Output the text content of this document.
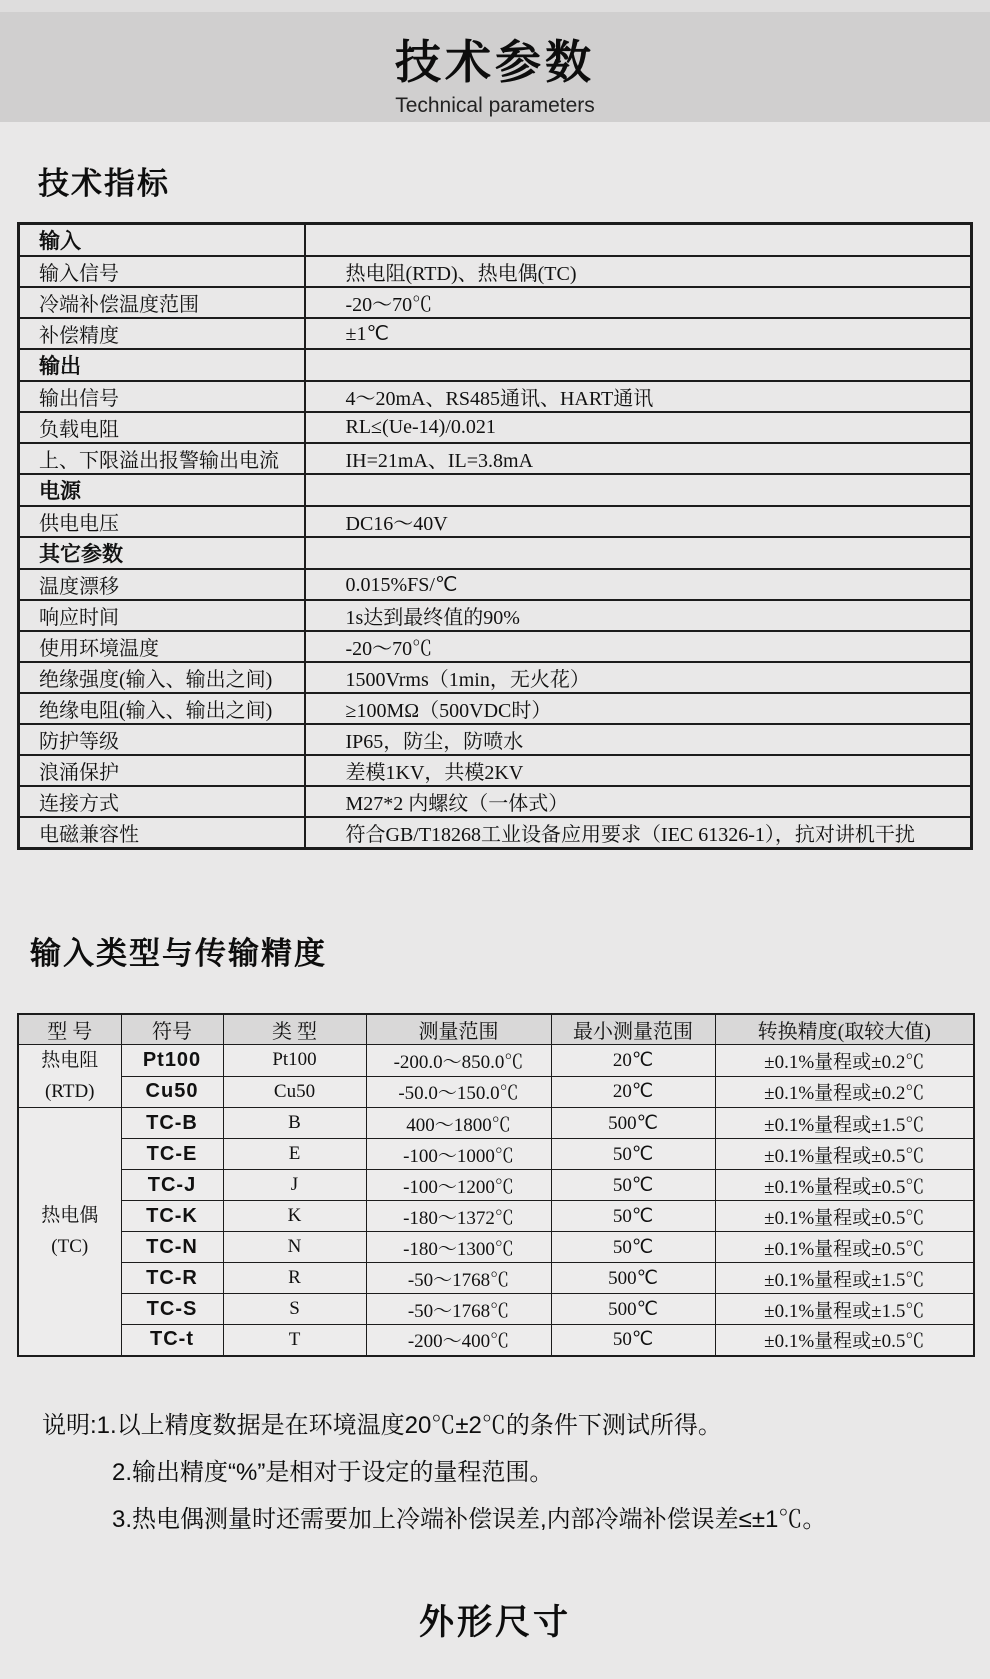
技术参数
Technical parameters
技术指标
输入	
输入信号	热电阻(RTD)、热电偶(TC)
冷端补偿温度范围	-20～70℃
补偿精度	±1℃
输出	
输出信号	4～20mA、RS485通讯、HART通讯
负载电阻	RL≤(Ue-14)/0.021
上、下限溢出报警输出电流	IH=21mA、IL=3.8mA
电源	
供电电压	DC16～40V
其它参数	
温度漂移	0.015%FS/℃
响应时间	1s达到最终值的90%
使用环境温度	-20～70℃
绝缘强度(输入、输出之间)	1500Vrms（1min，无火花）
绝缘电阻(输入、输出之间)	≥100MΩ（500VDC时）
防护等级	IP65，防尘，防喷水
浪涌保护	差模1KV，共模2KV
连接方式	M27*2 内螺纹（一体式）
电磁兼容性	符合GB/T18268工业设备应用要求（IEC 61326-1），抗对讲机干扰
输入类型与传输精度
型 号	符号	类 型	测量范围	最小测量范围	转换精度(取较大值)

热电阻
(RTD)	Pt100	Pt100	-200.0～850.0℃	20℃	±0.1%量程或±0.2℃
	Cu50	Cu50	-50.0～150.0℃	20℃	±0.1%量程或±0.2℃

热电偶
(TC)	TC-B	B	400～1800℃	500℃	±0.1%量程或±1.5℃
	TC-E	E	-100～1000℃	50℃	±0.1%量程或±0.5℃
	TC-J	J	-100～1200℃	50℃	±0.1%量程或±0.5℃
	TC-K	K	-180～1372℃	50℃	±0.1%量程或±0.5℃
	TC-N	N	-180～1300℃	50℃	±0.1%量程或±0.5℃
	TC-R	R	-50～1768℃	500℃	±0.1%量程或±1.5℃
	TC-S	S	-50～1768℃	500℃	±0.1%量程或±1.5℃
	TC-t	T	-200～400℃	50℃	±0.1%量程或±0.5℃
说明:1.以上精度数据是在环境温度20℃±2℃的条件下测试所得。
2.输出精度“%”是相对于设定的量程范围。
3.热电偶测量时还需要加上冷端补偿误差,内部冷端补偿误差≤±1℃。
外形尺寸
